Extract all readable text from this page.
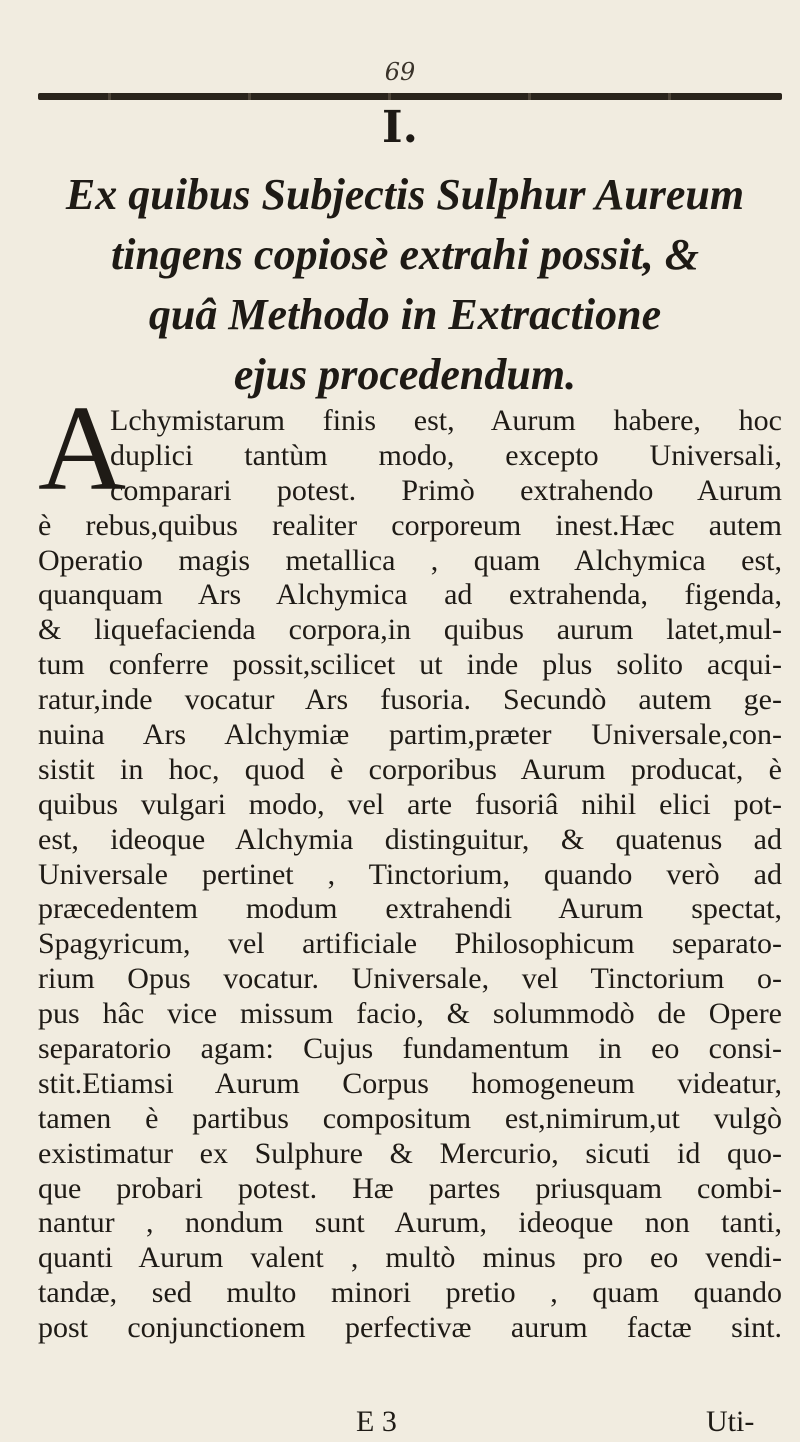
69
I.
Ex quibus Subjectis Sulphur Aureum
tingens copiosè extrahi possit, &
quâ Methodo in Extractione
ejus procedendum.
A
Lchymistarum finis est, Aurum habere, hoc
duplici tantùm modo, excepto Universali,
comparari potest. Primò extrahendo Aurum
è rebus,quibus realiter corporeum inest.Hæc autem
Operatio magis metallica , quam Alchymica est,
quanquam Ars Alchymica ad extrahenda, figenda,
& liquefacienda corpora,in quibus aurum latet,mul-
tum conferre possit,scilicet ut inde plus solito acqui-
ratur,inde vocatur Ars fusoria. Secundò autem ge-
nuina Ars Alchymiæ partim,præter Universale,con-
sistit in hoc, quod è corporibus Aurum producat, è
quibus vulgari modo, vel arte fusoriâ nihil elici pot-
est, ideoque Alchymia distinguitur, & quatenus ad
Universale pertinet , Tinctorium, quando verò ad
præcedentem modum extrahendi Aurum spectat,
Spagyricum, vel artificiale Philosophicum separato-
rium Opus vocatur. Universale, vel Tinctorium o-
pus hâc vice missum facio, & solummodò de Opere
separatorio agam: Cujus fundamentum in eo consi-
stit.Etiamsi Aurum Corpus homogeneum videatur,
tamen è partibus compositum est,nimirum,ut vulgò
existimatur ex Sulphure & Mercurio, sicuti id quo-
que probari potest. Hæ partes priusquam combi-
nantur , nondum sunt Aurum, ideoque non tanti,
quanti Aurum valent , multò minus pro eo vendi-
tandæ, sed multo minori pretio , quam quando
post conjunctionem perfectivæ aurum factæ sint.
E 3	Uti-
